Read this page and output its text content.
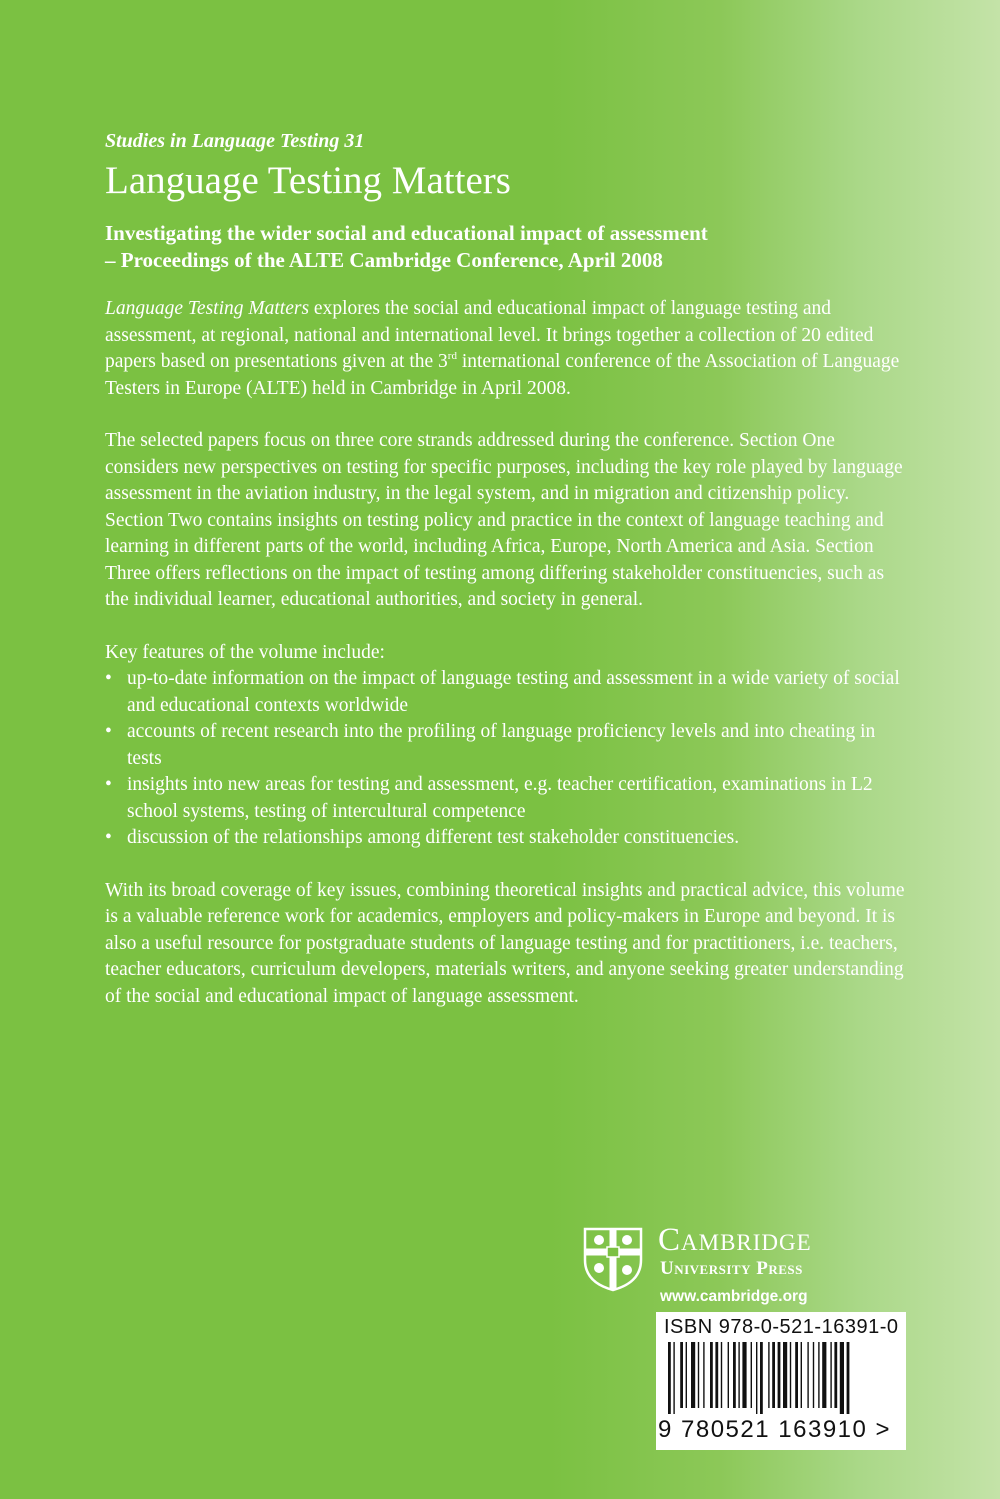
Studies in Language Testing 31

Language Testing Matters

Investigating the wider social and educational impact of assessment
– Proceedings of the ALTE Cambridge Conference, April 2008

Language Testing Matters explores the social and educational impact of language testing and assessment, at regional, national and international level. It brings together a collection of 20 edited papers based on presentations given at the 3rd international conference of the Association of Language Testers in Europe (ALTE) held in Cambridge in April 2008.

The selected papers focus on three core strands addressed during the conference. Section One considers new perspectives on testing for specific purposes, including the key role played by language assessment in the aviation industry, in the legal system, and in migration and citizenship policy. Section Two contains insights on testing policy and practice in the context of language teaching and learning in different parts of the world, including Africa, Europe, North America and Asia. Section Three offers reflections on the impact of testing among differing stakeholder constituencies, such as the individual learner, educational authorities, and society in general.

Key features of the volume include:

• up-to-date information on the impact of language testing and assessment in a wide variety of social and educational contexts worldwide
• accounts of recent research into the profiling of language proficiency levels and into cheating in tests
• insights into new areas for testing and assessment, e.g. teacher certification, examinations in L2 school systems, testing of intercultural competence
• discussion of the relationships among different test stakeholder constituencies.

With its broad coverage of key issues, combining theoretical insights and practical advice, this volume is a valuable reference work for academics, employers and policy-makers in Europe and beyond. It is also a useful resource for postgraduate students of language testing and for practitioners, i.e. teachers, teacher educators, curriculum developers, materials writers, and anyone seeking greater understanding of the social and educational impact of language assessment.

Cambridge
University Press
www.cambridge.org
ISBN 978-0-521-16391-0
9 780521 163910 >
